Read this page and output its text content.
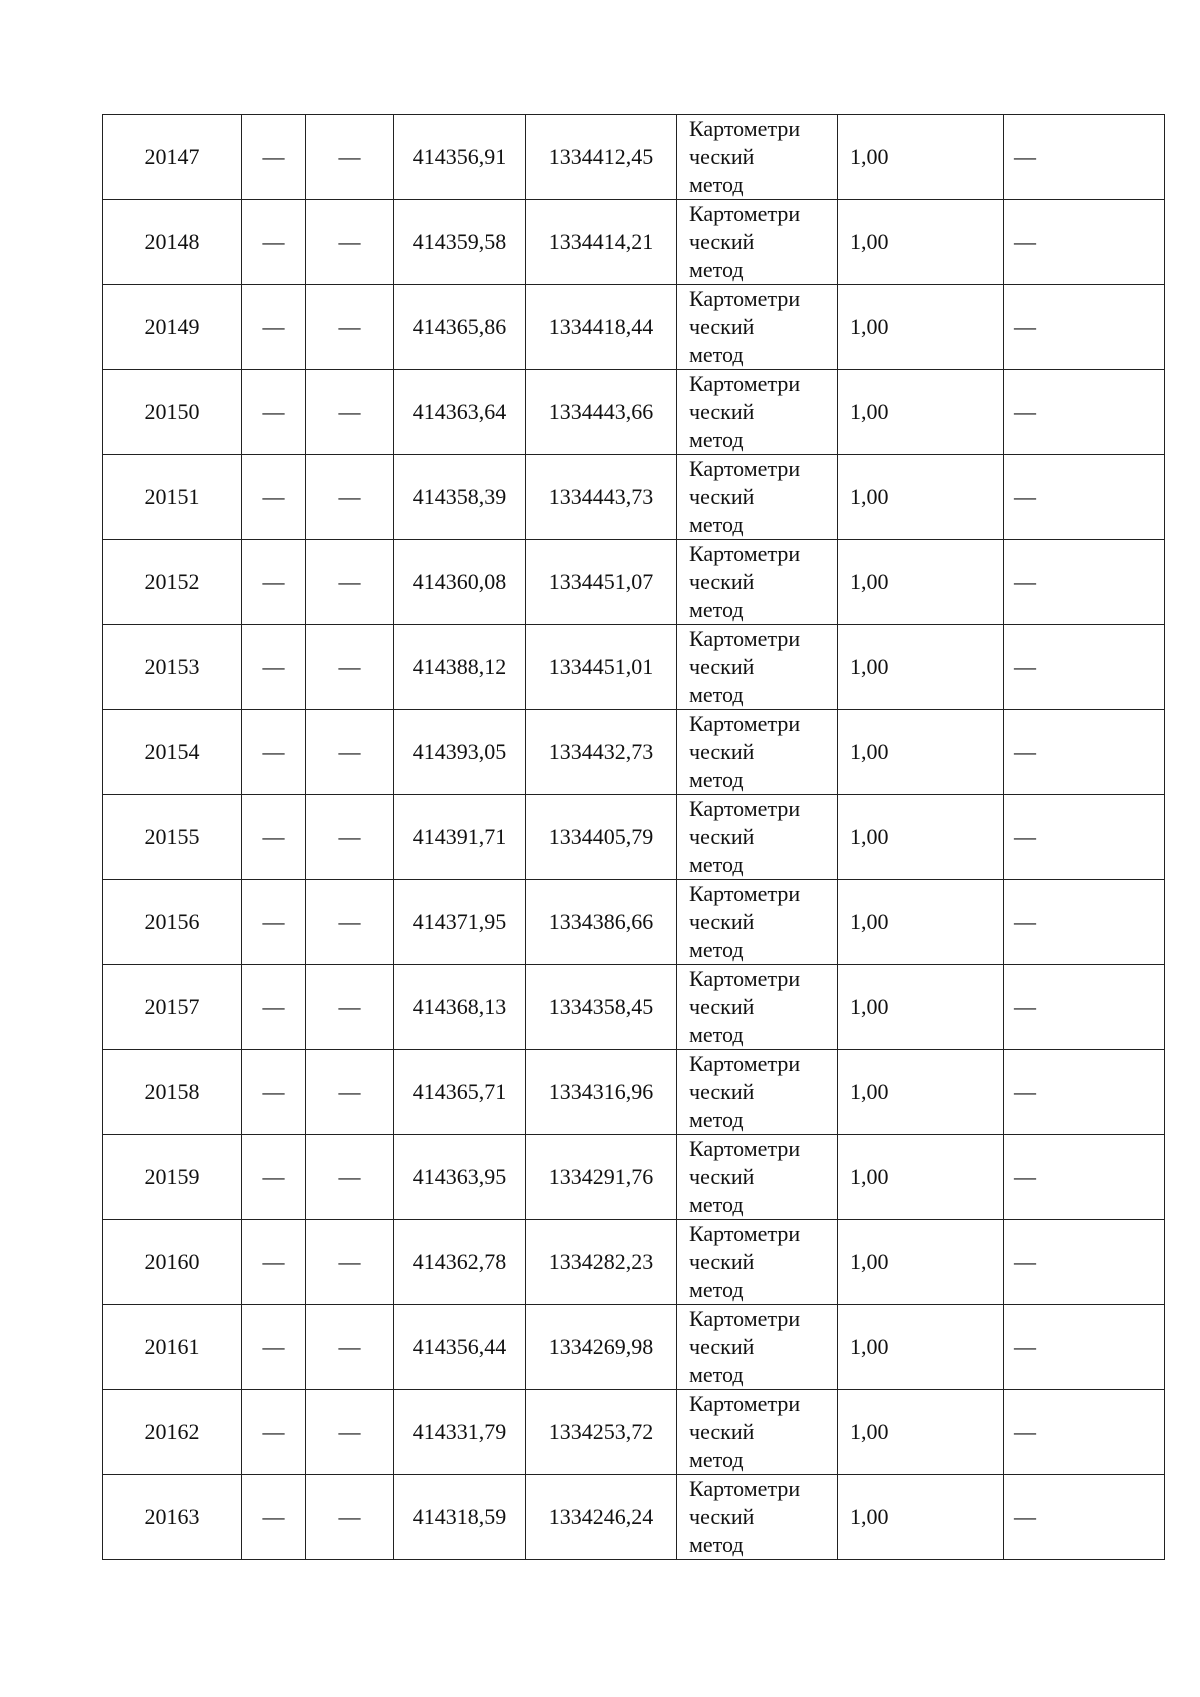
20147	—	—	414356,91	1334412,45	Картометри
ческий
метод	1,00	—
20148	—	—	414359,58	1334414,21	Картометри
ческий
метод	1,00	—
20149	—	—	414365,86	1334418,44	Картометри
ческий
метод	1,00	—
20150	—	—	414363,64	1334443,66	Картометри
ческий
метод	1,00	—
20151	—	—	414358,39	1334443,73	Картометри
ческий
метод	1,00	—
20152	—	—	414360,08	1334451,07	Картометри
ческий
метод	1,00	—
20153	—	—	414388,12	1334451,01	Картометри
ческий
метод	1,00	—
20154	—	—	414393,05	1334432,73	Картометри
ческий
метод	1,00	—
20155	—	—	414391,71	1334405,79	Картометри
ческий
метод	1,00	—
20156	—	—	414371,95	1334386,66	Картометри
ческий
метод	1,00	—
20157	—	—	414368,13	1334358,45	Картометри
ческий
метод	1,00	—
20158	—	—	414365,71	1334316,96	Картометри
ческий
метод	1,00	—
20159	—	—	414363,95	1334291,76	Картометри
ческий
метод	1,00	—
20160	—	—	414362,78	1334282,23	Картометри
ческий
метод	1,00	—
20161	—	—	414356,44	1334269,98	Картометри
ческий
метод	1,00	—
20162	—	—	414331,79	1334253,72	Картометри
ческий
метод	1,00	—
20163	—	—	414318,59	1334246,24	Картометри
ческий
метод	1,00	—
